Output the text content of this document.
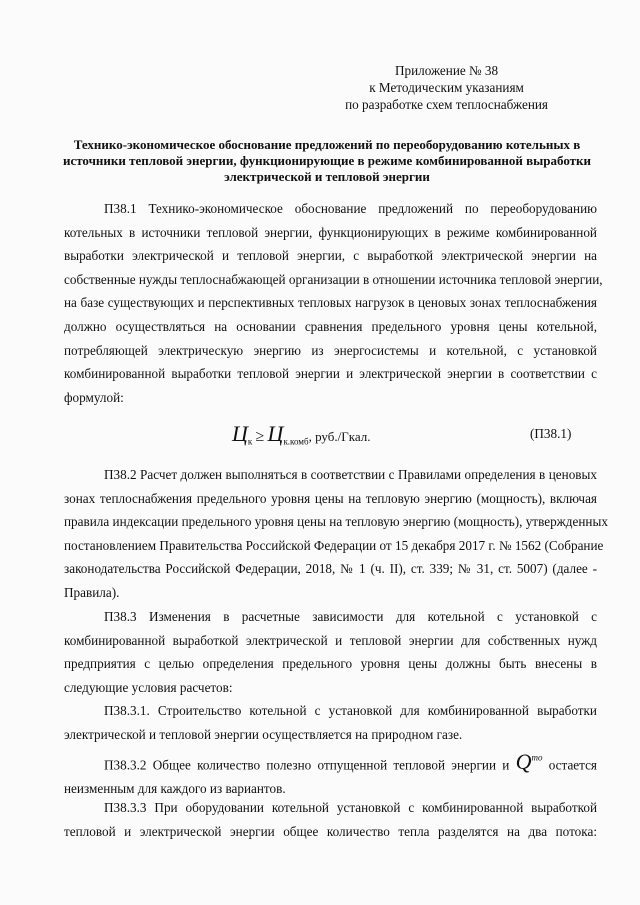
Приложение № 38
к Методическим указаниям
по разработке схем теплоснабжения
Технико-экономическое обоснование предложений по переоборудованию котельных в
источники тепловой энергии, функционирующие в режиме комбинированной выработки
электрической и тепловой энергии
П38.1 Технико-экономическое обоснование предложений по переоборудованию
котельных в источники тепловой энергии, функционирующих в режиме комбинированной
выработки электрической и тепловой энергии, с выработкой электрической энергии на
собственные нужды теплоснабжающей организации в отношении источника тепловой энергии,
на базе существующих и перспективных тепловых нагрузок в ценовых зонах теплоснабжения
должно осуществляться на основании сравнения предельного уровня цены котельной,
потребляющей электрическую энергию из энергосистемы и котельной, с установкой
комбинированной выработки тепловой энергии и электрической энергии в соответствии с
формулой:
$Ц_к \ge Ц_{к.комб}$, руб./Гкал.	(П38.1)
П38.2 Расчет должен выполняться в соответствии с Правилами определения в ценовых
зонах теплоснабжения предельного уровня цены на тепловую энергию (мощность), включая
правила индексации предельного уровня цены на тепловую энергию (мощность), утвержденных
постановлением Правительства Российской Федерации от 15 декабря 2017 г. № 1562 (Собрание
законодательства Российской Федерации, 2018, № 1 (ч. II), ст. 339; № 31, ст. 5007) (далее -
Правила).
П38.3 Изменения в расчетные зависимости для котельной с установкой с
комбинированной выработкой электрической и тепловой энергии для собственных нужд
предприятия с целью определения предельного уровня цены должны быть внесены в
следующие условия расчетов:
П38.3.1. Строительство котельной с установкой для комбинированной выработки
электрической и тепловой энергии осуществляется на природном газе.
П38.3.2 Общее количество полезно отпущенной тепловой энергии и $Q^{то}$ остается
неизменным для каждого из вариантов.
П38.3.3 При оборудовании котельной установкой с комбинированной выработкой
тепловой и электрической энергии общее количество тепла разделятся на два потока:
